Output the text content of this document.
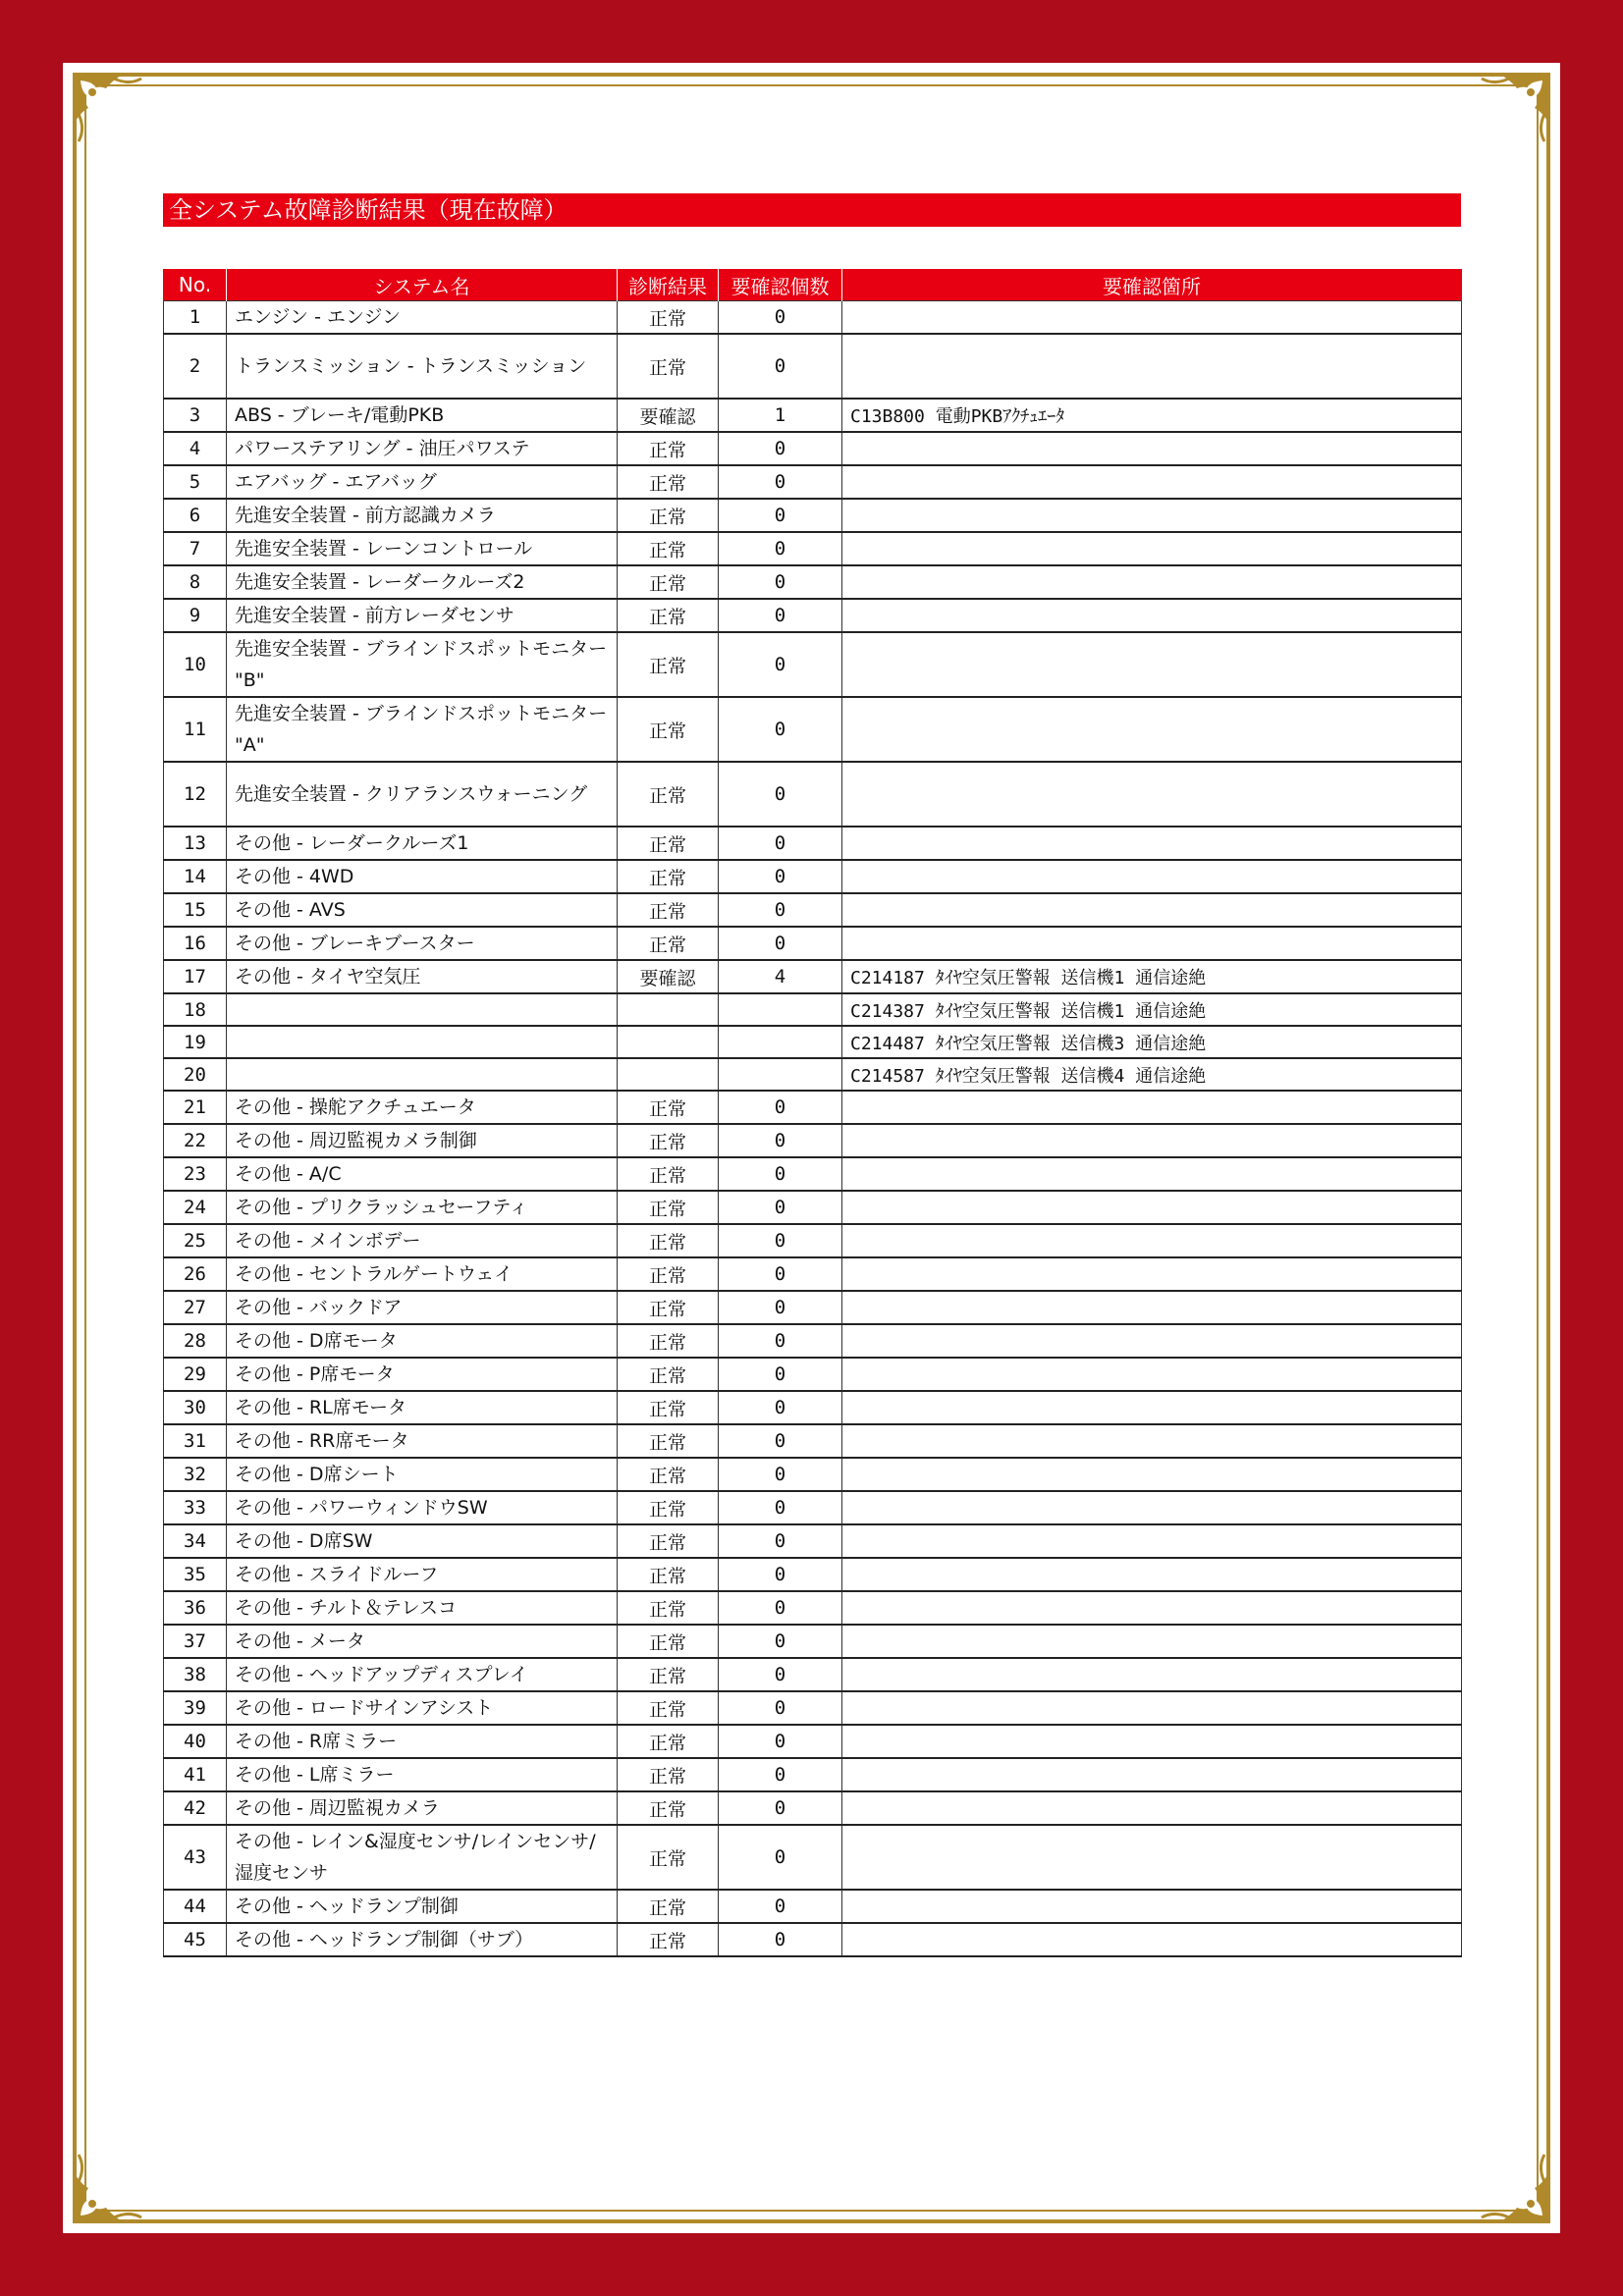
全システム故障診断結果（現在故障）
No.	システム名	診断結果	要確認個数	要確認箇所
1	エンジン - エンジン	正常	0	
2	トランスミッション - トランスミッション	正常	0	
3	ABS - ブレーキ/電動PKB	要確認	1	C13B800 電動PKBｱｸﾁｭｴｰﾀ
4	パワーステアリング - 油圧パワステ	正常	0	
5	エアバッグ - エアバッグ	正常	0	
6	先進安全装置 - 前方認識カメラ	正常	0	
7	先進安全装置 - レーンコントロール	正常	0	
8	先進安全装置 - レーダークルーズ2	正常	0	
9	先進安全装置 - 前方レーダセンサ	正常	0	
10	先進安全装置 - ブラインドスポットモニター "B"	正常	0	
11	先進安全装置 - ブラインドスポットモニター "A"	正常	0	
12	先進安全装置 - クリアランスウォーニング	正常	0	
13	その他 - レーダークルーズ1	正常	0	
14	その他 - 4WD	正常	0	
15	その他 - AVS	正常	0	
16	その他 - ブレーキブースター	正常	0	
17	その他 - タイヤ空気圧	要確認	4	C214187 ﾀｲﾔ空気圧警報 送信機1 通信途絶
18				C214387 ﾀｲﾔ空気圧警報 送信機1 通信途絶
19				C214487 ﾀｲﾔ空気圧警報 送信機3 通信途絶
20				C214587 ﾀｲﾔ空気圧警報 送信機4 通信途絶
21	その他 - 操舵アクチュエータ	正常	0	
22	その他 - 周辺監視カメラ制御	正常	0	
23	その他 - A/C	正常	0	
24	その他 - プリクラッシュセーフティ	正常	0	
25	その他 - メインボデー	正常	0	
26	その他 - セントラルゲートウェイ	正常	0	
27	その他 - バックドア	正常	0	
28	その他 - D席モータ	正常	0	
29	その他 - P席モータ	正常	0	
30	その他 - RL席モータ	正常	0	
31	その他 - RR席モータ	正常	0	
32	その他 - D席シート	正常	0	
33	その他 - パワーウィンドウSW	正常	0	
34	その他 - D席SW	正常	0	
35	その他 - スライドルーフ	正常	0	
36	その他 - チルト＆テレスコ	正常	0	
37	その他 - メータ	正常	0	
38	その他 - ヘッドアップディスプレイ	正常	0	
39	その他 - ロードサインアシスト	正常	0	
40	その他 - R席ミラー	正常	0	
41	その他 - L席ミラー	正常	0	
42	その他 - 周辺監視カメラ	正常	0	
43	その他 - レイン&湿度センサ/レインセンサ/湿度センサ	正常	0	
44	その他 - ヘッドランプ制御	正常	0	
45	その他 - ヘッドランプ制御（サブ）	正常	0	
